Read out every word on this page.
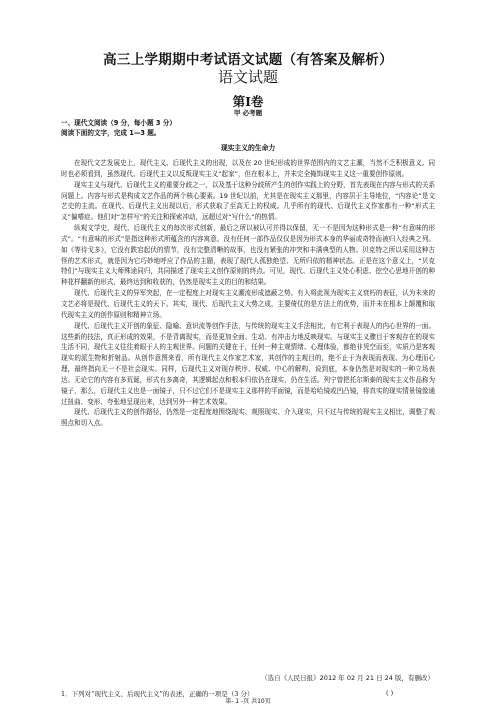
高三上学期期中考试语文试题（有答案及解析）
语文试题
第Ⅰ卷
甲 必考题
一、现代文阅读（9 分，每小题 3 分）
阅读下面的文字，完成 1—3 题。
现实主义的生命力

在现代文艺发展史上，现代主义、后现代主义的出现，以及在 20 世纪形成的世界范围内的文艺主潮，当然不乏积极意义。同时也必须看到，虽然现代、后现代主义以反叛现实主义“起家”，但在根本上，并未完全掩饰现实主义这一重要创作原则。

现实主义与现代、后现代主义的重要分歧之一，以及基于这种分歧所产生的创作实践上的分野，首先表现在内容与形式的关系问题上。内容与形式是构成文艺作品的两个核心要素。19 世纪以前，尤其是在现实主义那里，内容居于主导地位，“内容论”是文艺史的主流。在现代、后现代主义出现以后，形式获取了至高无上的权威。几乎所有的现代、后现代主义作家都有一种“形式主义”偏嗜症。他们对“怎样写”的关注和探索冲动，远超过对“写什么”的热情。

纵观文学史，现代、后现代主义的每次形式创新，最后之所以被认可并得以保留，无一不是因为这种形式是一种“有意味的形式”。“有意味的形式”是指这种形式所蕴含的内容寓意。没有任何一部作品仅仅是因为形式本身的华丽或奇特而被归入经典之列。如《等待戈多》，它没有跌宕起伏的情节，没有完整清晰的故事，也没有紧张的冲突和丰满典型的人物。贝克特之所以采用这种古怪的艺术形式，就是因为它巧妙地呼应了作品的主题，表现了现代人孤独绝望、无所归依的精神状态。正是在这个意义上，“贝克特们”与现实主义大师殊途同归，共同描述了现实主义创作原则的终点。可见，现代、后现代主义处心积虑、挖空心思地开创的种种花样翻新的形式，最终达到和收获的，仍然是现实主义的目的和结果。

现代、后现代主义的异军突起，在一定程度上对现实主义潮流形成遮蔽之势。有人将此视为现实主义衰朽的表征，认为未来的文艺必将是现代、后现代主义的天下。其实，现代、后现代主义大势之成，主要倚仗的是方法上的优势，而并未在根本上颠覆和取代现实主义的创作原则和精神立场。

现代、后现代主义开创的象征、隐喻、意识流等创作手法，与传统的现实主义手法相比，有它利于表现人的内心世界的一面。这些新的技法，真正形成的效果，不是背离现实，而是更加全面、生动、有冲击力地反映现实。与现实主义骤目于客观存在的现实生活不同，现代主义往往着眼于人的主观世界。问题的关键在于，任何一种主观情绪、心理体验，都绝非凭空而至，实质乃是客观现实的派生物和折射品。从创作意图来看，所有现代主义作家艺术家，其创作的主观目的，绝不止于为表现而表现、为心理而心理，最终指向无一不是社会现实。同样，后现代主义对现存秩序、权威、中心的解构，说到底，本身仍然是对现实的一种立场表达。无论它的内容有多荒诞，形式有多离奇，其逻辑起点和根本归依仍在现实，仍在生活。列宁曾把托尔斯泰的现实主义作品称为镜子，那么，后现代主义也是一面镜子，只不过它们不是现实主义那样的平面镜，而是哈哈镜或凹凸镜，将真实的现实情景镜像通过扭曲、变形、夸张地呈现出来，达到另外一种艺术效果。

现代、后现代主义的创作路径，仍然是一定程度地围绕现实、观照现实、介入现实，只不过与传统的现实主义相比，调整了观照点和切入点。

（选自《人民日报》2012 年 02 月 21 日 24 版，有删改）
1．下列对“现代主义、后现代主义”的表述，正确的一项是（3 分）	( )
第- 1 -页 共10页
